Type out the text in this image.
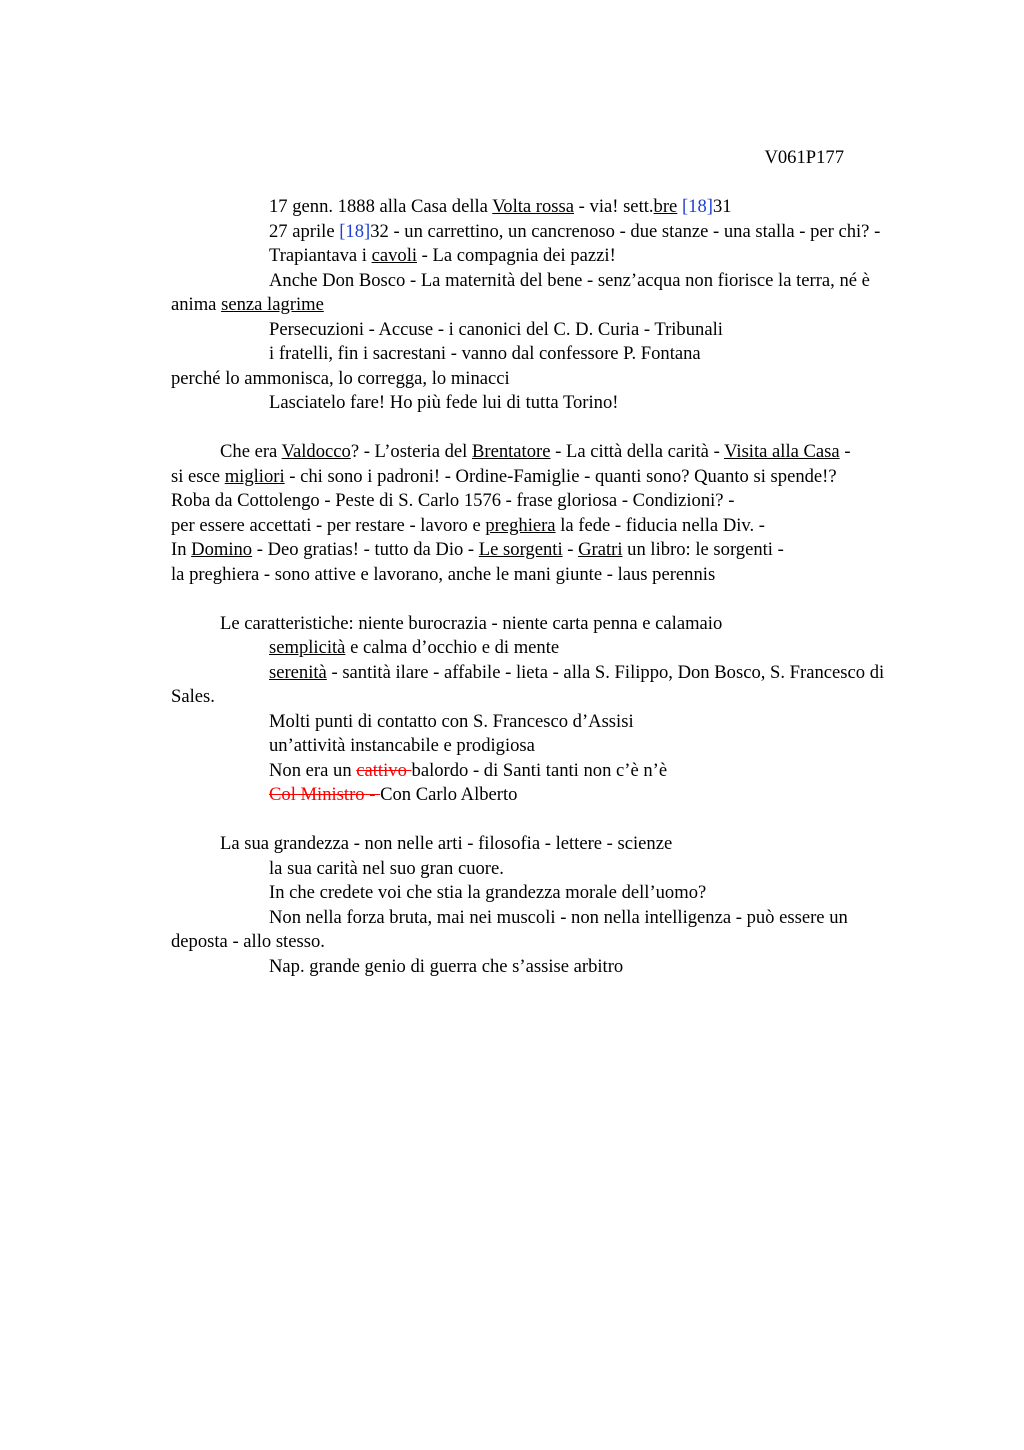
V061P177
17 genn. 1888 alla Casa della Volta rossa - via! sett.bre [18]31
27 aprile [18]32 - un carrettino, un cancrenoso - due stanze - una stalla - per chi? -
Trapiantava i cavoli - La compagnia dei pazzi!
Anche Don Bosco - La maternità del bene - senz’acqua non fiorisce la terra, né è anima senza lagrime
Persecuzioni - Accuse - i canonici del C. D. Curia - Tribunali
i fratelli, fin i sacrestani - vanno dal confessore P. Fontana
perché lo ammonisca, lo corregga, lo minacci
Lasciatelo fare! Ho più fede lui di tutta Torino!
Che era Valdocco? - L’osteria del Brentatore - La città della carità - Visita alla Casa -
si esce migliori - chi sono i padroni! - Ordine-Famiglie - quanti sono? Quanto si spende!?
Roba da Cottolengo - Peste di S. Carlo 1576 - frase gloriosa - Condizioni? -
per essere accettati - per restare - lavoro e preghiera la fede - fiducia nella Div. -
In Domino - Deo gratias! - tutto da Dio - Le sorgenti - Gratri un libro: le sorgenti -
la preghiera - sono attive e lavorano, anche le mani giunte - laus perennis
Le caratteristiche: niente burocrazia - niente carta penna e calamaio
semplicità e calma d’occhio e di mente
serenità - santità ilare - affabile - lieta - alla S. Filippo, Don Bosco, S. Francesco di Sales.
Molti punti di contatto con S. Francesco d’Assisi
un’attività instancabile e prodigiosa
Non era un cattivo balordo - di Santi tanti non c’è n’è
Col Ministro - Con Carlo Alberto
La sua grandezza - non nelle arti - filosofia - lettere - scienze
la sua carità nel suo gran cuore.
In che credete voi che stia la grandezza morale dell’uomo?
Non nella forza bruta, mai nei muscoli - non nella intelligenza - può essere un deposta - allo stesso.
Nap. grande genio di guerra che s’assise arbitro
